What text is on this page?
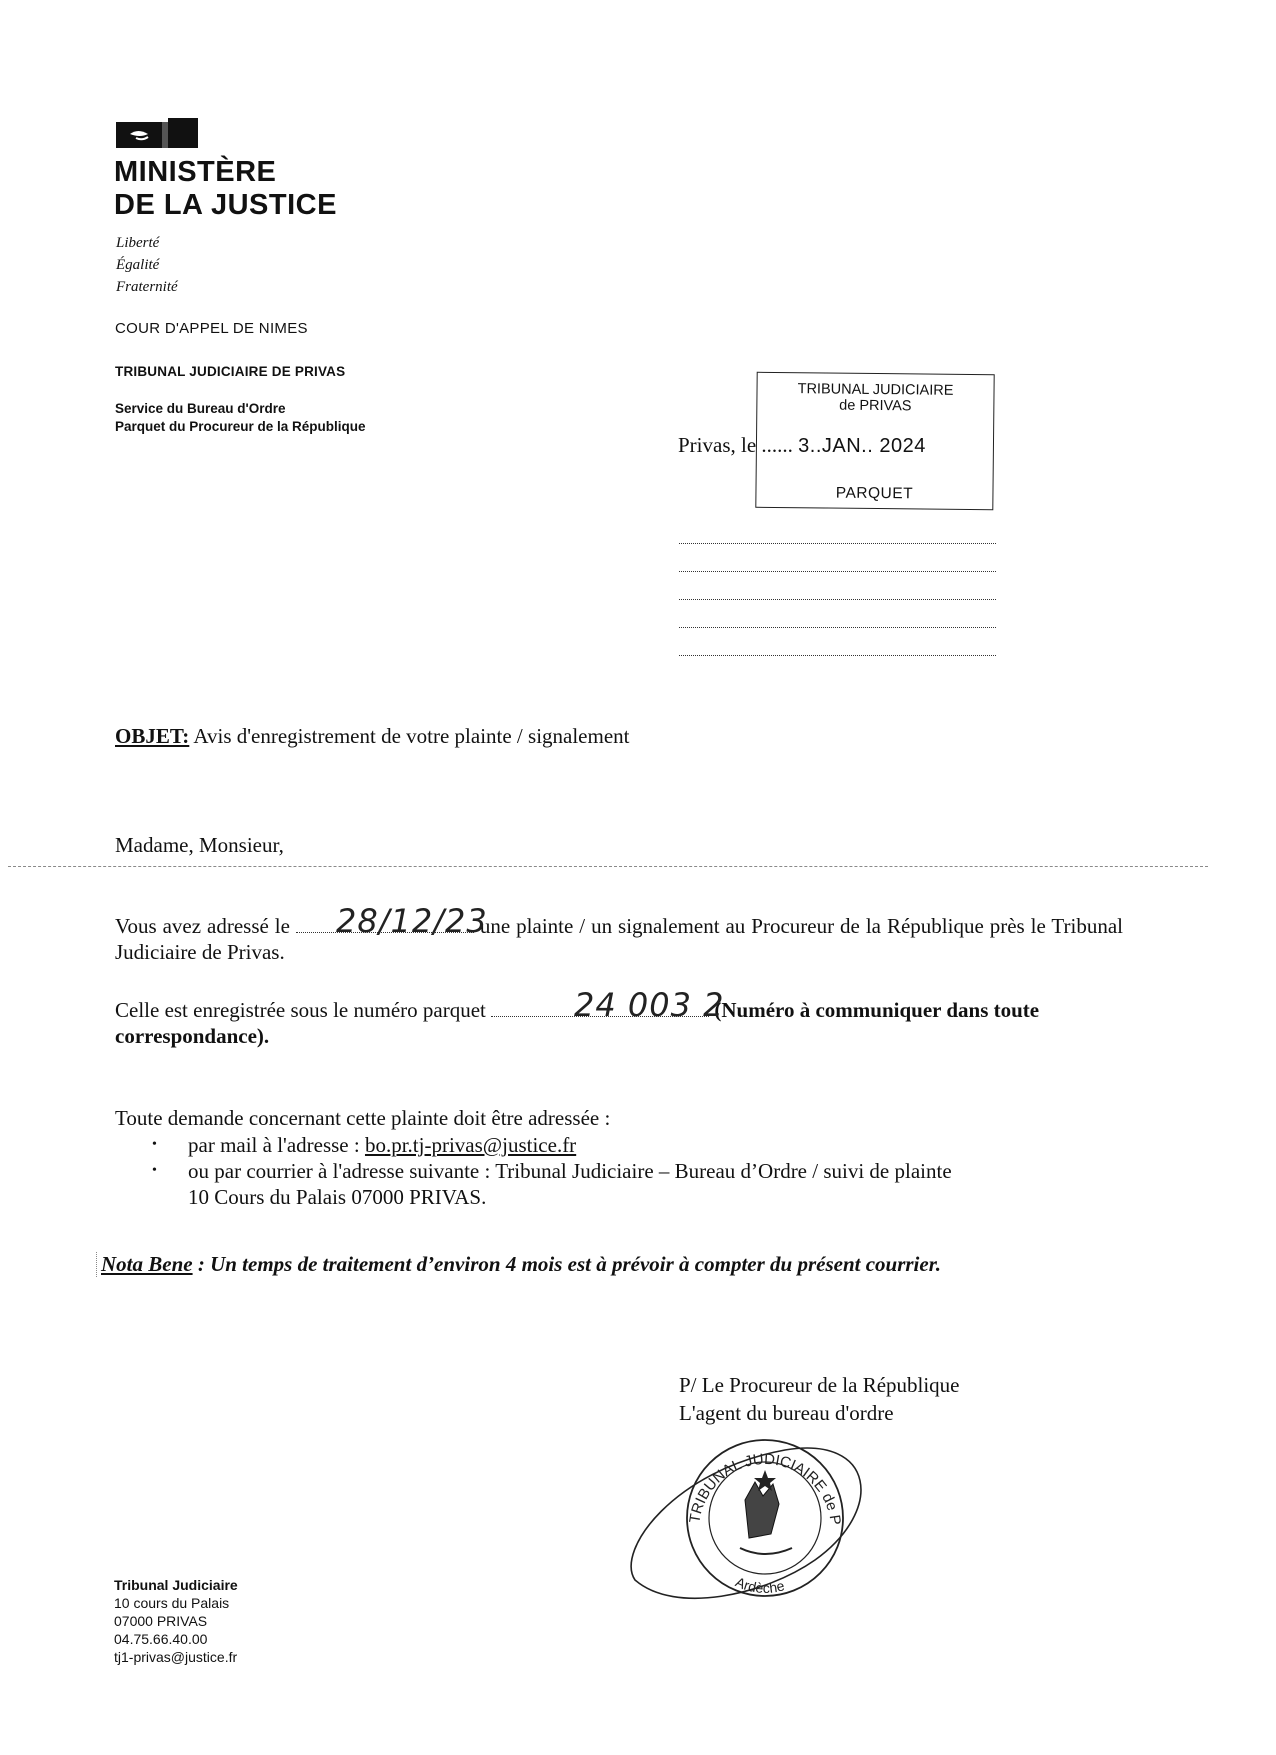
MINISTÈRE
DE LA JUSTICE
Liberté
Égalité
Fraternité
COUR D'APPEL DE NIMES
TRIBUNAL JUDICIAIRE DE PRIVAS
Service du Bureau d'Ordre
Parquet du Procureur de la République
TRIBUNAL JUDICIAIRE
de PRIVAS
PARQUET
Privas, le ...... 3..JAN.. 2024
OBJET: Avis d'enregistrement de votre plainte / signalement
Madame, Monsieur,
Vous avez adressé le	une plainte / un signalement au Procureur de la République près le Tribunal Judiciaire de Privas.
28/12/23
Celle est enregistrée sous le numéro parquet	(Numéro à communiquer dans toute correspondance).
24 003 2
Toute demande concernant cette plainte doit être adressée :
• par mail à l'adresse : bo.pr.tj-privas@justice.fr
• ou par courrier à l'adresse suivante : Tribunal Judiciaire – Bureau d’Ordre / suivi de plainte
10 Cours du Palais 07000 PRIVAS.
Nota Bene : Un temps de traitement d’environ 4 mois est à prévoir à compter du présent courrier.
P/ Le Procureur de la République
L'agent du bureau d'ordre
TRIBUNAL JUDICIAIRE de P
Ardèche
Tribunal Judiciaire
10 cours du Palais
07000 PRIVAS
04.75.66.40.00
tj1-privas@justice.fr
